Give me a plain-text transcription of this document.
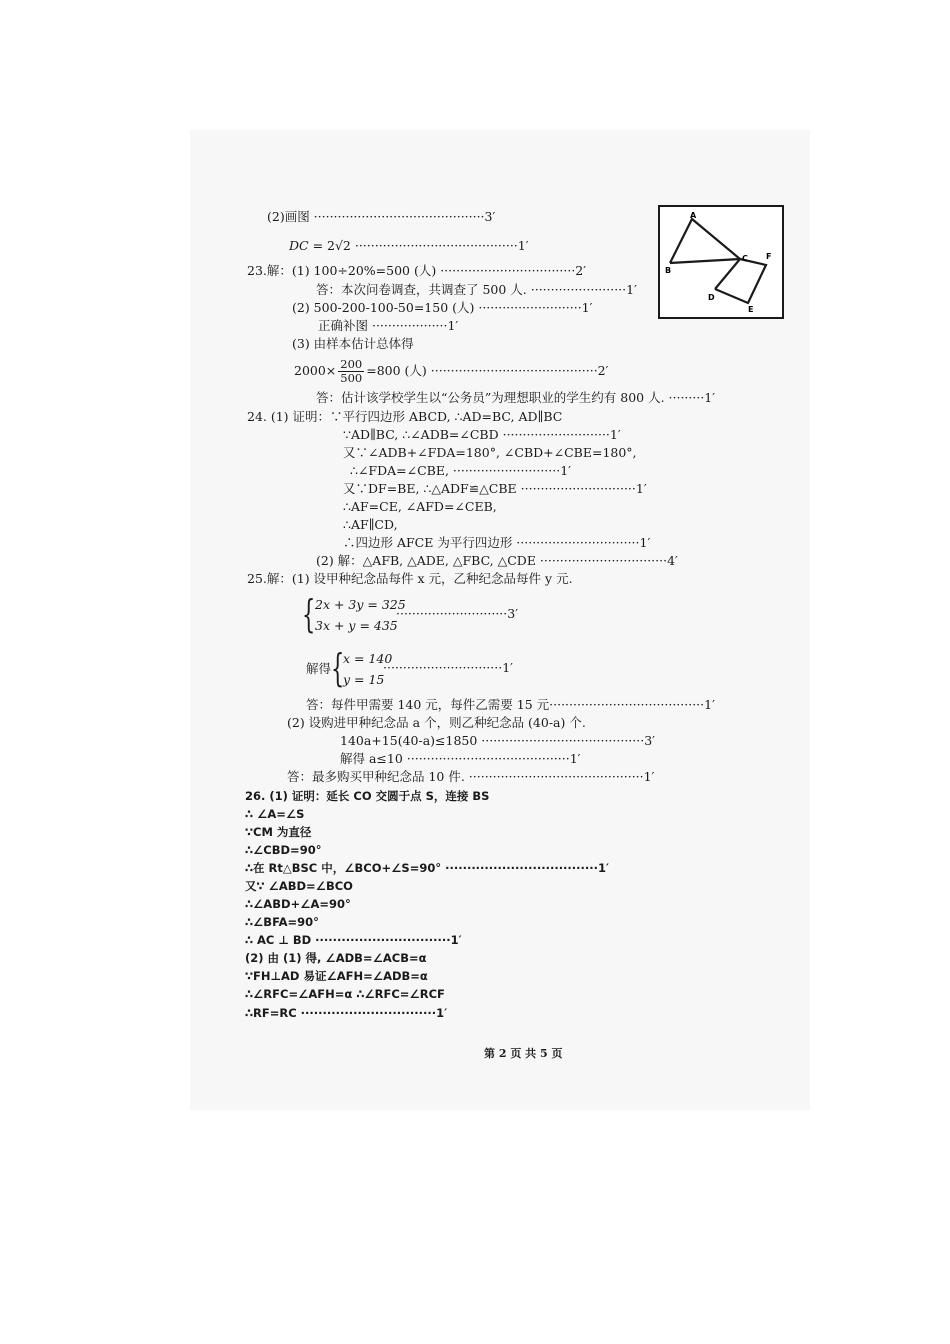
(2)画图 ···········································3′
DC = 2√2 ·········································1′
A
B
C
D
E
F
23.解：(1) 100÷20%=500 (人) ··································2′
答：本次问卷调查，共调查了 500 人. ························1′
(2) 500-200-100-50=150 (人) ··························1′
正确补图 ···················1′
(3) 由样本估计总体得
$2000\times \frac{200}{500} =800$ (人) ··········································2′
答：估计该学校学生以“公务员”为理想职业的学生约有 800 人. ·········1′
24. (1) 证明：∵平行四边形 ABCD, ∴AD=BC, AD∥BC
∵AD∥BC, ∴∠ADB=∠CBD ···························1′
又∵∠ADB+∠FDA=180°, ∠CBD+∠CBE=180°,
∴∠FDA=∠CBE, ···························1′
又∵DF=BE, ∴△ADF≌△CBE ·····························1′
∴AF=CE, ∠AFD=∠CEB,
∴AF∥CD,
∴四边形 AFCE 为平行四边形 ·······························1′
(2) 解：△AFB, △ADE, △FBC, △CDE ································4′
25.解：(1) 设甲种纪念品每件 x 元，乙种纪念品每件 y 元.
{ 2x + 3y = 325
3x + y = 435
····························3′
解得 {
x = 140
y = 15
······························1′
答：每件甲需要 140 元，每件乙需要 15 元·······································1′
(2) 设购进甲种纪念品 a 个，则乙种纪念品 (40-a) 个.
140a+15(40-a)≤1850 ·········································3′
解得 a≤10 ·········································1′
答：最多购买甲种纪念品 10 件. ············································1′
26. (1) 证明：延长 CO 交圆于点 S，连接 BS
∴ ∠A=∠S
∵CM 为直径
∴∠CBD=90°
∴在 Rt△BSC 中，∠BCO+∠S=90° ···································1′
又∵ ∠ABD=∠BCO
∴∠ABD+∠A=90°
∴∠BFA=90°
∴ AC ⊥ BD ·······························1′
(2) 由 (1) 得, ∠ADB=∠ACB=α
∵FH⊥AD 易证∠AFH=∠ADB=α
∴∠RFC=∠AFH=α ∴∠RFC=∠RCF
∴RF=RC ·······························1′
第 2 页 共 5 页
